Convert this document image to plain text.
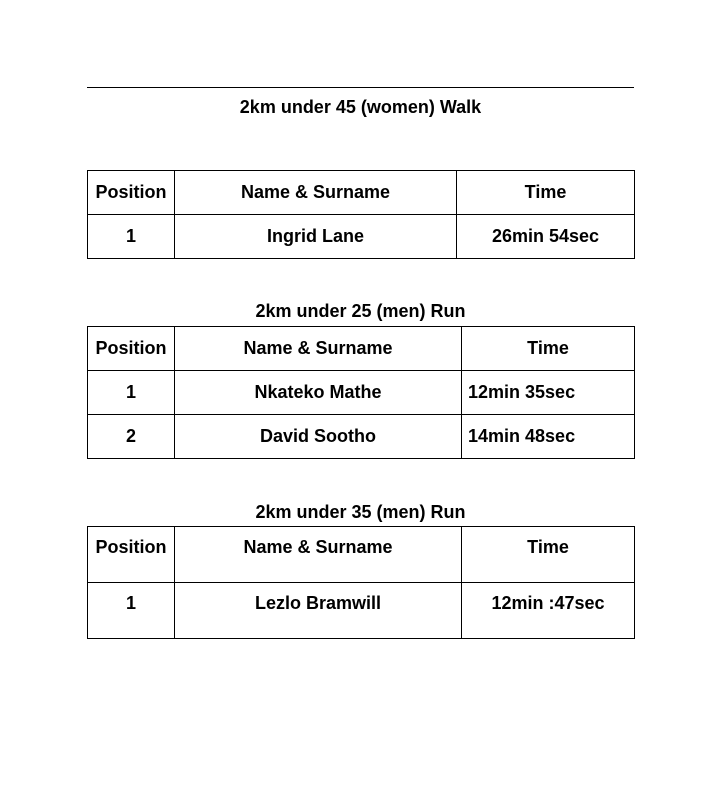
2km under 45 (women) Walk
Position	Name & Surname	Time
1	Ingrid Lane	26min 54sec
2km under 25 (men) Run
Position	Name & Surname	Time
1	Nkateko Mathe	12min 35sec
2	David Sootho	14min 48sec
2km under 35 (men) Run
Position	Name & Surname	Time
1	Lezlo Bramwill	12min :47sec
